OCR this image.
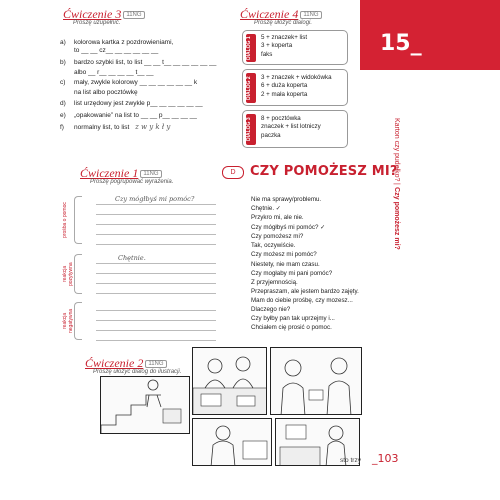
15_
Karton czy pudełko? | Czy pomożesz mi?
Ćwiczenie 3 11NG
Proszę uzupełnić.
a) kolorowa kartka z pozdrowieniami,
to __ __ cz__ __ __ __ __ __
b) bardzo szybki list, to list __ __ t__ __ __ __ __ __
albo __ r__ __ __ __ t__ __
c) mały, zwykle kolorowy __ __ __ __ __ __ k
na list albo pocztówkę
d) list urzędowy jest zwykle p__ __ __ __ __ __
e) „opakowanie” na list to __ __ p__ __ __ __
f) normalny list, to list z w y k ł y
Ćwiczenie 4 11NG
Proszę ułożyć dialogi.
DIALOG 1	5 + znaczek+ list
3 + koperta
faks
DIALOG 2	3 + znaczek + widokówka
6 + duża koperta
2 + mała koperta
DIALOG 3	8 + pocztówka
znaczek + list lotniczy
paczka
Ćwiczenie 1 11NG
Proszę pogrupować wyrażenia.
prośba o pomoc
Czy mógłbyś mi pomóc?
reakcja pozytywna
Chętnie.
reakcja negatywna
D	CZY POMOŻESZ MI?
Nie ma sprawy/problemu.
Chętnie. ✓
Przykro mi, ale nie.
Czy mógłbyś mi pomóc? ✓
Czy pomożesz mi?
Tak, oczywiście.
Czy możesz mi pomóc?
Niestety, nie mam czasu.
Czy mogłaby mi pani pomóc?
Z przyjemnością.
Przepraszam, ale jestem bardzo zajęty.
Mam do ciebie prośbę, czy mozesz...
Dlaczego nie?
Czy byłby pan tak uprzejmy i...
Chciałem cię prosić o pomoc.
Ćwiczenie 2 11NG
Proszę ułożyć dialog do ilustracji.
sto trzy _103
